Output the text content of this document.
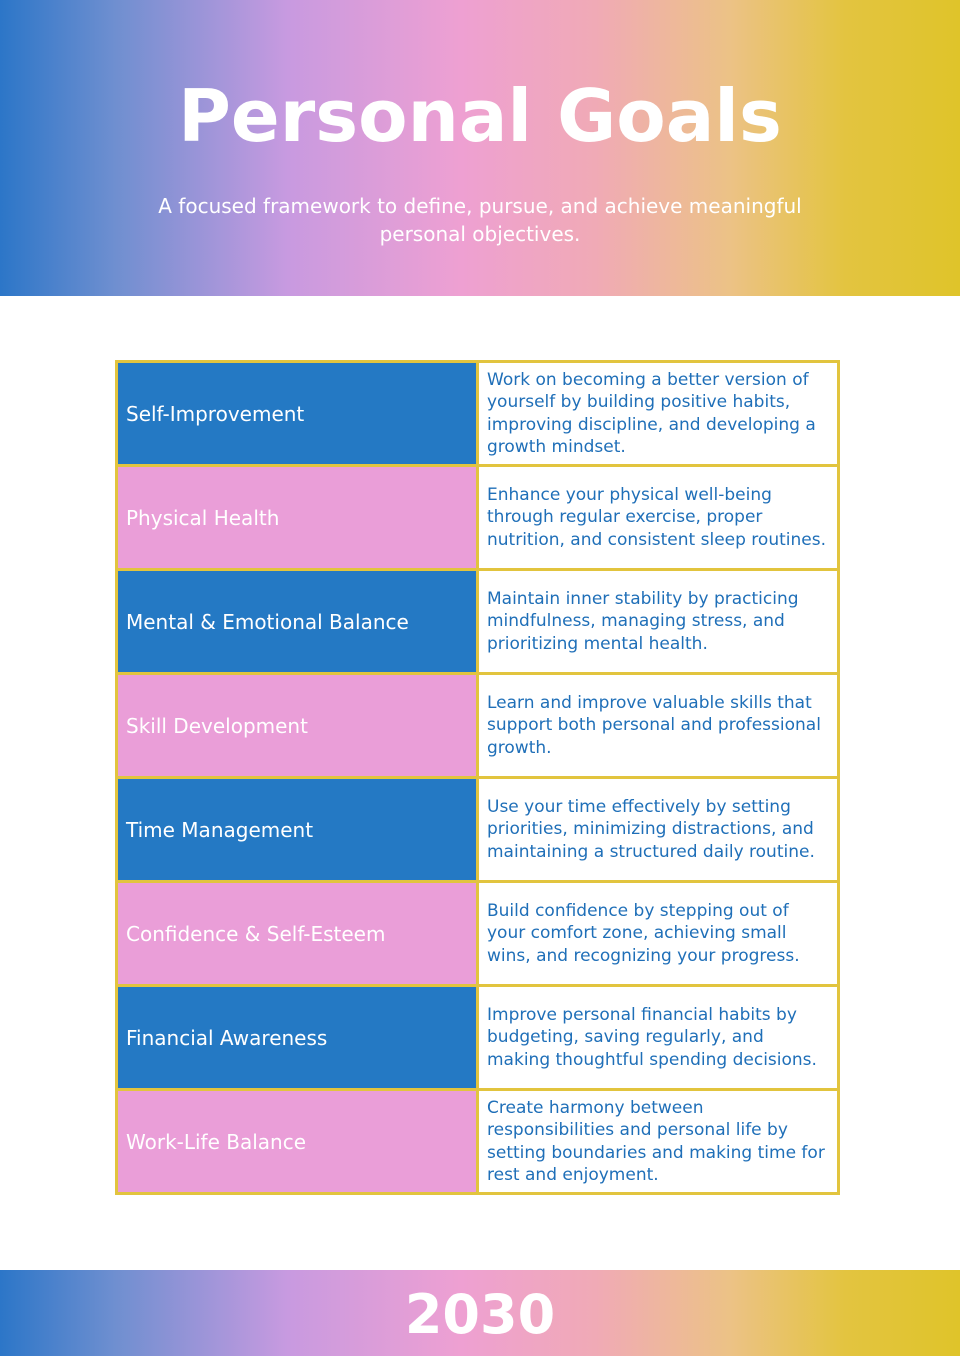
Personal Goals

A focused framework to define, pursue, and achieve meaningful personal objectives.

Self-Improvement	Work on becoming a better version of yourself by building positive habits, improving discipline, and developing a growth mindset.
Physical Health	Enhance your physical well-being through regular exercise, proper nutrition, and consistent sleep routines.
Mental & Emotional Balance	Maintain inner stability by practicing mindfulness, managing stress, and prioritizing mental health.
Skill Development	Learn and improve valuable skills that support both personal and professional growth.
Time Management	Use your time effectively by setting priorities, minimizing distractions, and maintaining a structured daily routine.
Confidence & Self-Esteem	Build confidence by stepping out of your comfort zone, achieving small wins, and recognizing your progress.
Financial Awareness	Improve personal financial habits by budgeting, saving regularly, and making thoughtful spending decisions.
Work-Life Balance	Create harmony between responsibilities and personal life by setting boundaries and making time for rest and enjoyment.
2030
